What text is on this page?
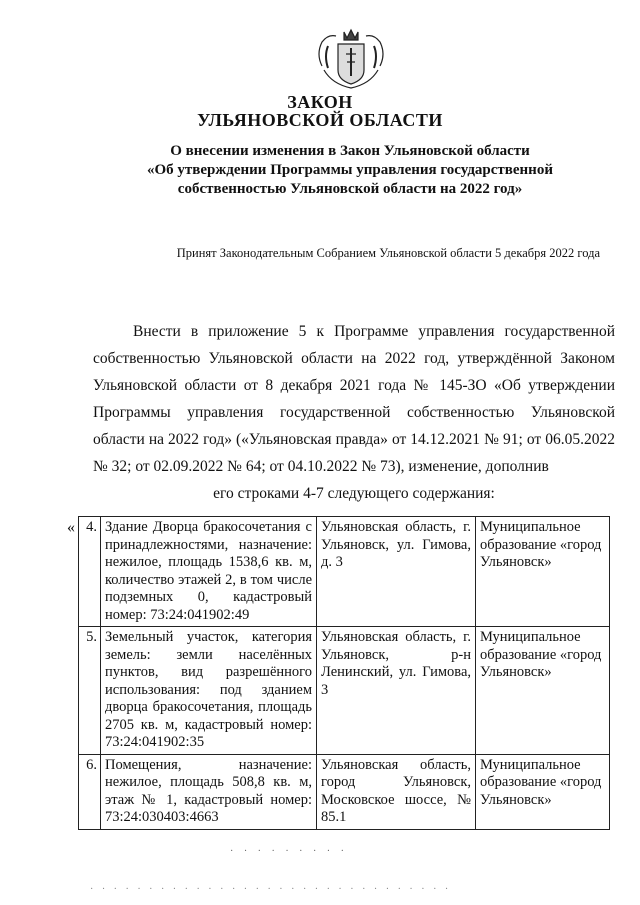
ЗАКОН
УЛЬЯНОВСКОЙ ОБЛАСТИ
О внесении изменения в Закон Ульяновской области
«Об утверждении Программы управления государственной
собственностью Ульяновской области на 2022 год»
Принят Законодательным Собранием Ульяновской области 5 декабря 2022 года
Внести в приложение 5 к Программе управления государственной собственностью Ульяновской области на 2022 год, утверждённой Законом Ульяновской области от 8 декабря 2021 года № 145-ЗО «Об утверждении Программы управления государственной собственностью Ульяновской области на 2022 год» («Ульяновская правда» от 14.12.2021 № 91; от 06.05.2022 № 32; от 02.09.2022 № 64; от 04.10.2022 № 73), изменение, дополнив
его строками 4-7 следующего содержания:
« 4.	Здание Дворца бракосочетания с принадлежностями, назначение: нежилое, площадь 1538,6 кв. м, количество этажей 2, в том числе подземных 0, кадастровый номер: 73:24:041902:49	Ульяновская область, г. Ульяновск, ул. Гимова, д. 3	Муниципальное образование «город Ульяновск»
5.	Земельный участок, категория земель: земли населённых пунктов, вид разрешённого использования: под зданием дворца бракосочетания, площадь 2705 кв. м, кадастровый номер: 73:24:041902:35	Ульяновская область, г. Ульяновск, р-н Ленинский, ул. Гимова, 3	Муниципальное образование «город Ульяновск»
6.	Помещения, назначение: нежилое, площадь 508,8 кв. м, этаж № 1, кадастровый номер: 73:24:030403:4663	Ульяновская область, город Ульяновск, Московское шоссе, № 85.1	Муниципальное образование «город Ульяновск»
· · · · · · · · ·
· · · · · · · · · · · · · · · · · · · · · · · · · · · · · · ·
